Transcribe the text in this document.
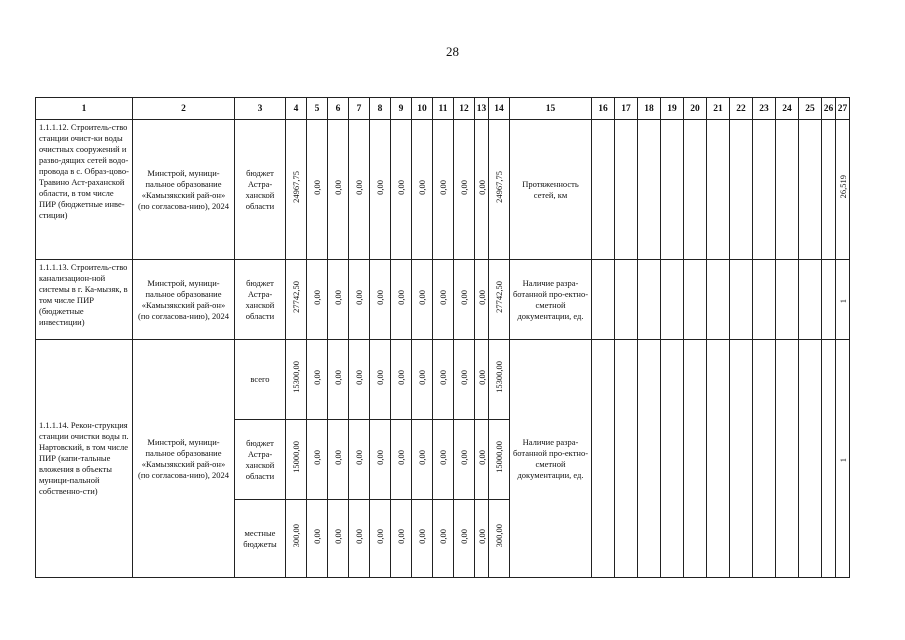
28
1	2	3	4	5	6	7	8	9	10	11	12	13	14	15	16	17	18	19	20	21	22	23	24	25	26	27
1.1.1.12. Строитель-ство станции очист-ки воды очистных сооружений и разво-дящих сетей водо-провода в с. Образ-цово-Травино Аст-раханской области, в том числе ПИР (бюджетные инве-стиции)	Минстрой, муници-пальное образование «Камызякский рай-он» (по согласова-нию), 2024	бюджет Астра-ханской области	24967,75	0,00	0,00	0,00	0,00	0,00	0,00	0,00	0,00	0,00	24967,75	Протяженность сетей, км												26,519
1.1.1.13. Строитель-ство канализацион-ной системы в г. Ка-мызяк, в том числе ПИР (бюджетные инвестиции)	Минстрой, муници-пальное образование «Камызякский рай-он» (по согласова-нию), 2024	бюджет Астра-ханской области	27742,50	0,00	0,00	0,00	0,00	0,00	0,00	0,00	0,00	0,00	27742,50	Наличие разра-ботанной про-ектно-сметной документации, ед.												1
1.1.1.14. Рекон-струкция станции очистки воды п. Нартовский, в том числе ПИР (капи-тальные вложения в объекты муници-пальной собственно-сти)	Минстрой, муници-пальное образование «Камызякский рай-он» (по согласова-нию), 2024	всего	15300,00	0,00	0,00	0,00	0,00	0,00	0,00	0,00	0,00	0,00	15300,00	Наличие разра-ботанной про-ектно-сметной документации, ед.												1
		бюджет Астра-ханской области	15000,00	0,00	0,00	0,00	0,00	0,00	0,00	0,00	0,00	0,00	15000,00													
		местные бюджеты	300,00	0,00	0,00	0,00	0,00	0,00	0,00	0,00	0,00	0,00	300,00													
